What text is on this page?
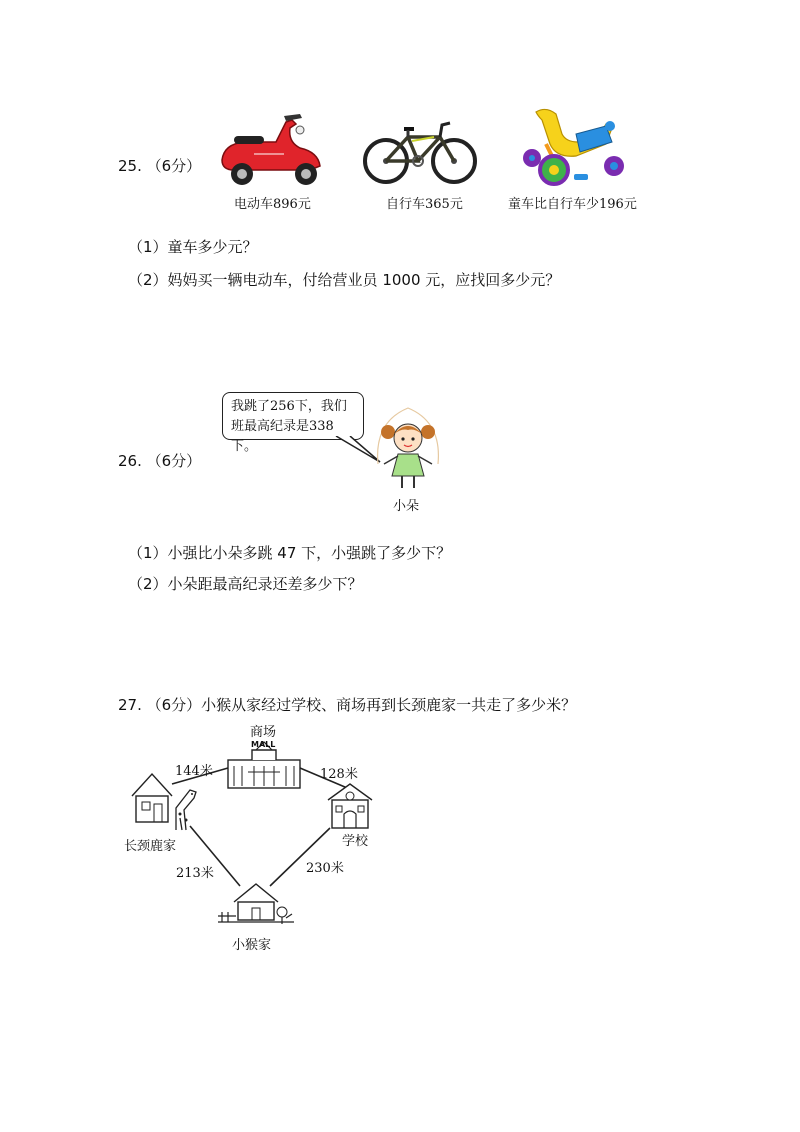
25. （6分）
电动车896元	自行车365元	童车比自行车少196元
（1）童车多少元？
（2）妈妈买一辆电动车，付给营业员 1000 元，应找回多少元？
26. （6分）
我跳了256下，我们
班最高纪录是338下。
小朵
（1）小强比小朵多跳 47 下，小强跳了多少下？
（2）小朵距最高纪录还差多少下？
27. （6分）小猴从家经过学校、商场再到长颈鹿家一共走了多少米？
商场
MALL
144米	128米
长颈鹿家	学校
213米	230米
小猴家
